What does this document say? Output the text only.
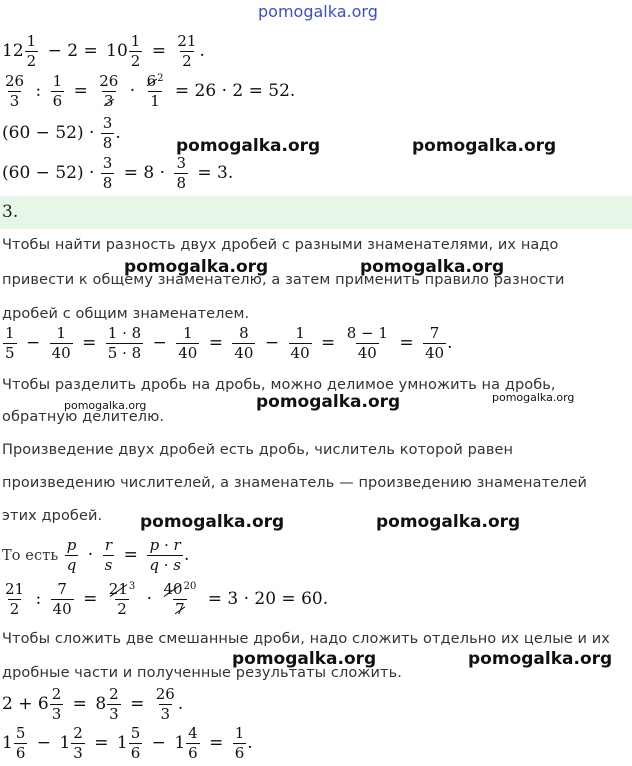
pomogalka.org
$12 \frac{1}{2} - 2 = 10 \frac{1}{2} = \frac{21}{2}$ .
$\frac{26}{3}$ : $\frac{1}{6} = \frac{26}{3} \cdot \frac{6^2}{1} = 26 \cdot 2 = 52$.
$(60 - 52) \cdot \frac{3}{8}$ .
$(60 - 52) \cdot \frac{3}{8} = 8 \cdot \frac{3}{8} = 3$.
pomogalka.org	pomogalka.org
3.
Чтобы найти разность двух дробей с разными знаменателями, их надо
привести к общему знаменателю, а затем применить правило разности
дробей с общим знаменателем.
pomogalka.org	pomogalka.org
$\frac{1}{5} - \frac{1}{40} = \frac{1 \cdot 8}{5 \cdot 8} - \frac{1}{40} = \frac{8}{40} - \frac{1}{40} = \frac{8 - 1}{40} = \frac{7}{40}$ .
Чтобы разделить дробь на дробь, можно делимое умножить на дробь,
обратную делителю.
pomogalka.org	pomogalka.org	pomogalka.org
Произведение двух дробей есть дробь, числитель которой равен
произведению числителей, а знаменатель — произведению знаменателей
этих дробей. pomogalka.org	pomogalka.org
То есть $\frac{p}{q} \cdot \frac{r}{s} = \frac{p \cdot r}{q \cdot s}$ .
$\frac{21}{2}$ : $\frac{7}{40} = \frac{21^3}{2} \cdot \frac{40^{20}}{7} = 3 \cdot 20 = 60$.
Чтобы сложить две смешанные дроби, надо сложить отдельно их целые и их
дробные части и полученные результаты сложить.
pomogalka.org	pomogalka.org
$2 + 6 \frac{2}{3} = 8 \frac{2}{3} = \frac{26}{3}$ .
$1 \frac{5}{6} - 1 \frac{2}{3} = 1 \frac{5}{6} - 1 \frac{4}{6} = \frac{1}{6}$ .
